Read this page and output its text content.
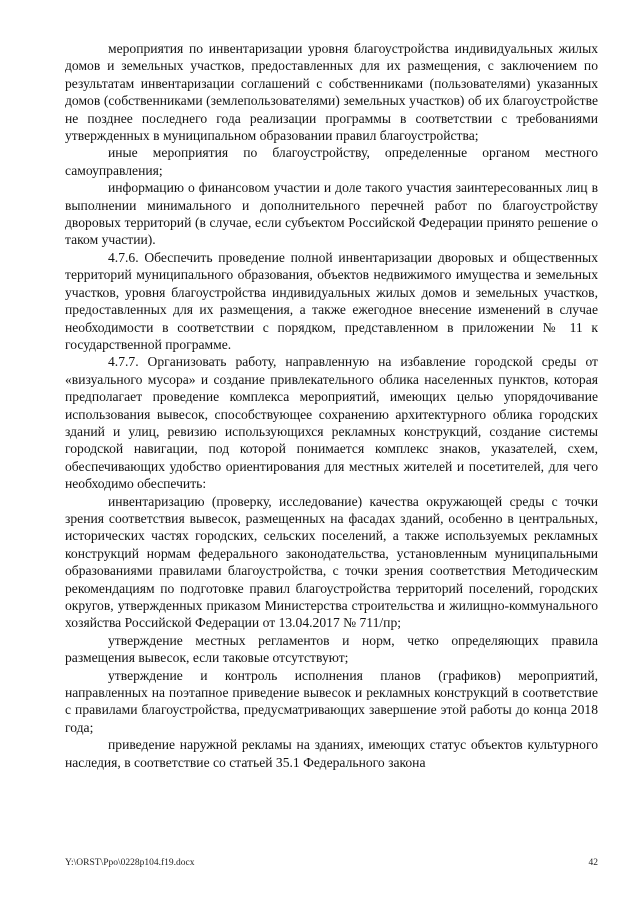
мероприятия по инвентаризации уровня благоустройства индивидуальных жилых домов и земельных участков, предоставленных для их размещения, с заключением по результатам инвентаризации соглашений с собственниками (пользователями) указанных домов (собственниками (землепользователями) земельных участков) об их благоустройстве не позднее последнего года реализации программы в соответствии с требованиями утвержденных в муниципальном образовании правил благоустройства;

иные мероприятия по благоустройству, определенные органом местного самоуправления;

информацию о финансовом участии и доле такого участия заинтересованных лиц в выполнении минимального и дополнительного перечней работ по благоустройству дворовых территорий (в случае, если субъектом Российской Федерации принято решение о таком участии).

4.7.6. Обеспечить проведение полной инвентаризации дворовых и общественных территорий муниципального образования, объектов недвижимого имущества и земельных участков, уровня благоустройства индивидуальных жилых домов и земельных участков, предоставленных для их размещения, а также ежегодное внесение изменений в случае необходимости в соответствии с порядком, представленном в приложении № 11 к государственной программе.

4.7.7. Организовать работу, направленную на избавление городской среды от «визуального мусора» и создание привлекательного облика населенных пунктов, которая предполагает проведение комплекса мероприятий, имеющих целью упорядочивание использования вывесок, способствующее сохранению архитектурного облика городских зданий и улиц, ревизию использующихся рекламных конструкций, создание системы городской навигации, под которой понимается комплекс знаков, указателей, схем, обеспечивающих удобство ориентирования для местных жителей и посетителей, для чего необходимо обеспечить:

инвентаризацию (проверку, исследование) качества окружающей среды с точки зрения соответствия вывесок, размещенных на фасадах зданий, особенно в центральных, исторических частях городских, сельских поселений, а также используемых рекламных конструкций нормам федерального законодательства, установленным муниципальными образованиями правилами благоустройства, с точки зрения соответствия Методическим рекомендациям по подготовке правил благоустройства территорий поселений, городских округов, утвержденных приказом Министерства строительства и жилищно-коммунального хозяйства Российской Федерации от 13.04.2017 № 711/пр;

утверждение местных регламентов и норм, четко определяющих правила размещения вывесок, если таковые отсутствуют;

утверждение и контроль исполнения планов (графиков) мероприятий, направленных на поэтапное приведение вывесок и рекламных конструкций в соответствие с правилами благоустройства, предусматривающих завершение этой работы до конца 2018 года;

приведение наружной рекламы на зданиях, имеющих статус объектов культурного наследия, в соответствие со статьей 35.1 Федерального закона

Y:\ORST\Ppo\0228p104.f19.docx	42
